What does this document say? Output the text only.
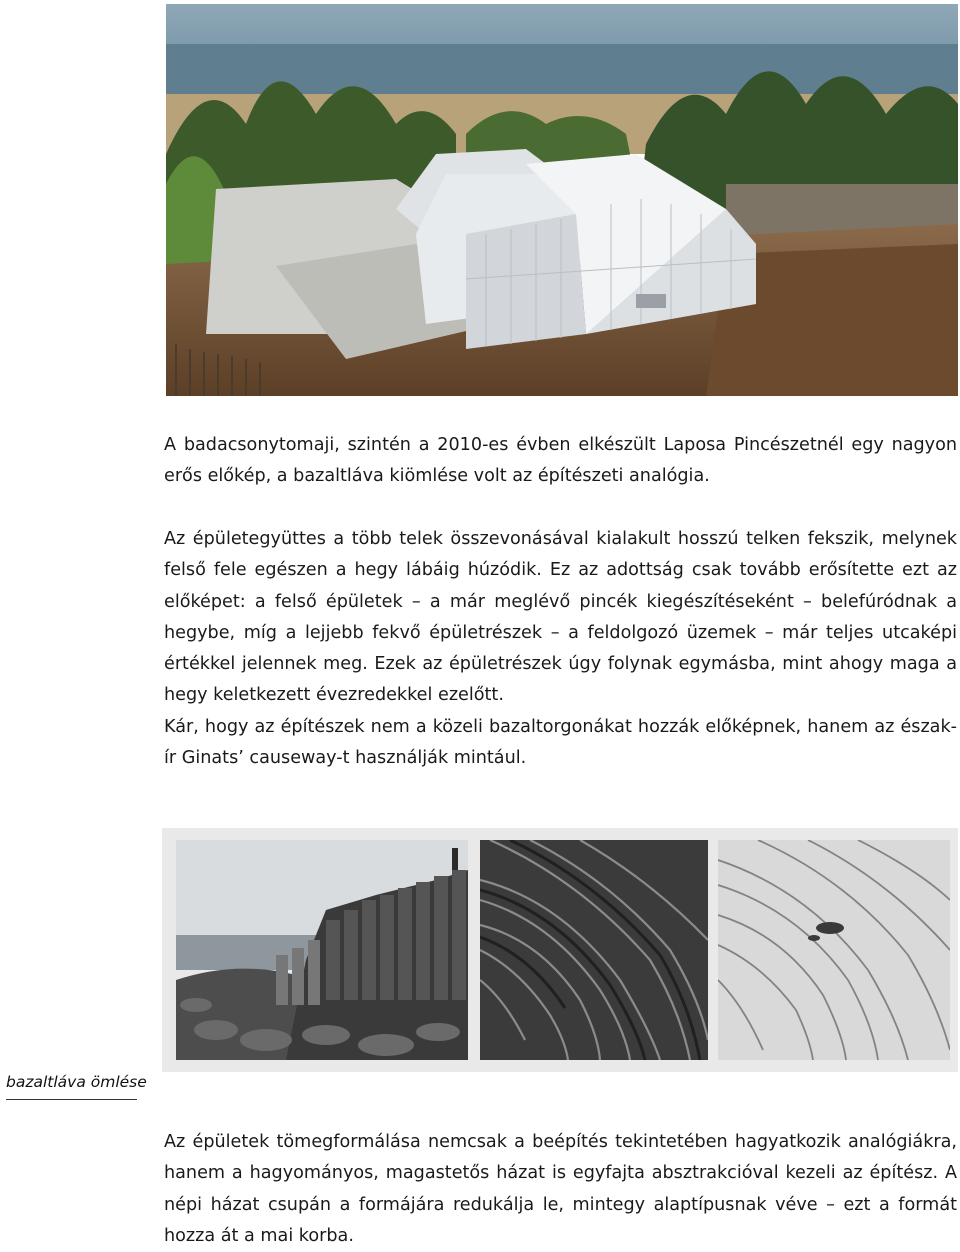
A badacsonytomaji, szintén a 2010-es évben elkészült Laposa Pincészetnél egy nagyon erős előkép, a bazaltláva kiömlése volt az építészeti analógia.

Az épületegyüttes a több telek összevonásával kialakult hosszú telken fekszik, melynek felső fele egészen a hegy lábáig húzódik. Ez az adottság csak tovább erősítette ezt az előképet: a felső épületek – a már meglévő pincék kiegészítéseként – belefúródnak a hegybe, míg a lejjebb fekvő épületrészek – a feldolgozó üzemek – már teljes utcaképi értékkel jelennek meg. Ezek az épületrészek úgy folynak egymásba, mint ahogy maga a hegy keletkezett évezredekkel ezelőtt.
Kár, hogy az építészek nem a közeli bazaltorgonákat hozzák előképnek, hanem az észak-ír Ginats’ causeway-t használják mintául.
bazaltláva ömlése

Az épületek tömegformálása nemcsak a beépítés tekintetében hagyatkozik analógiákra, hanem a hagyományos, magastetős házat is egyfajta absztrakcióval kezeli az építész. A népi házat csupán a formájára redukálja le, mintegy alaptípusnak véve – ezt a formát hozza át a mai korba.
